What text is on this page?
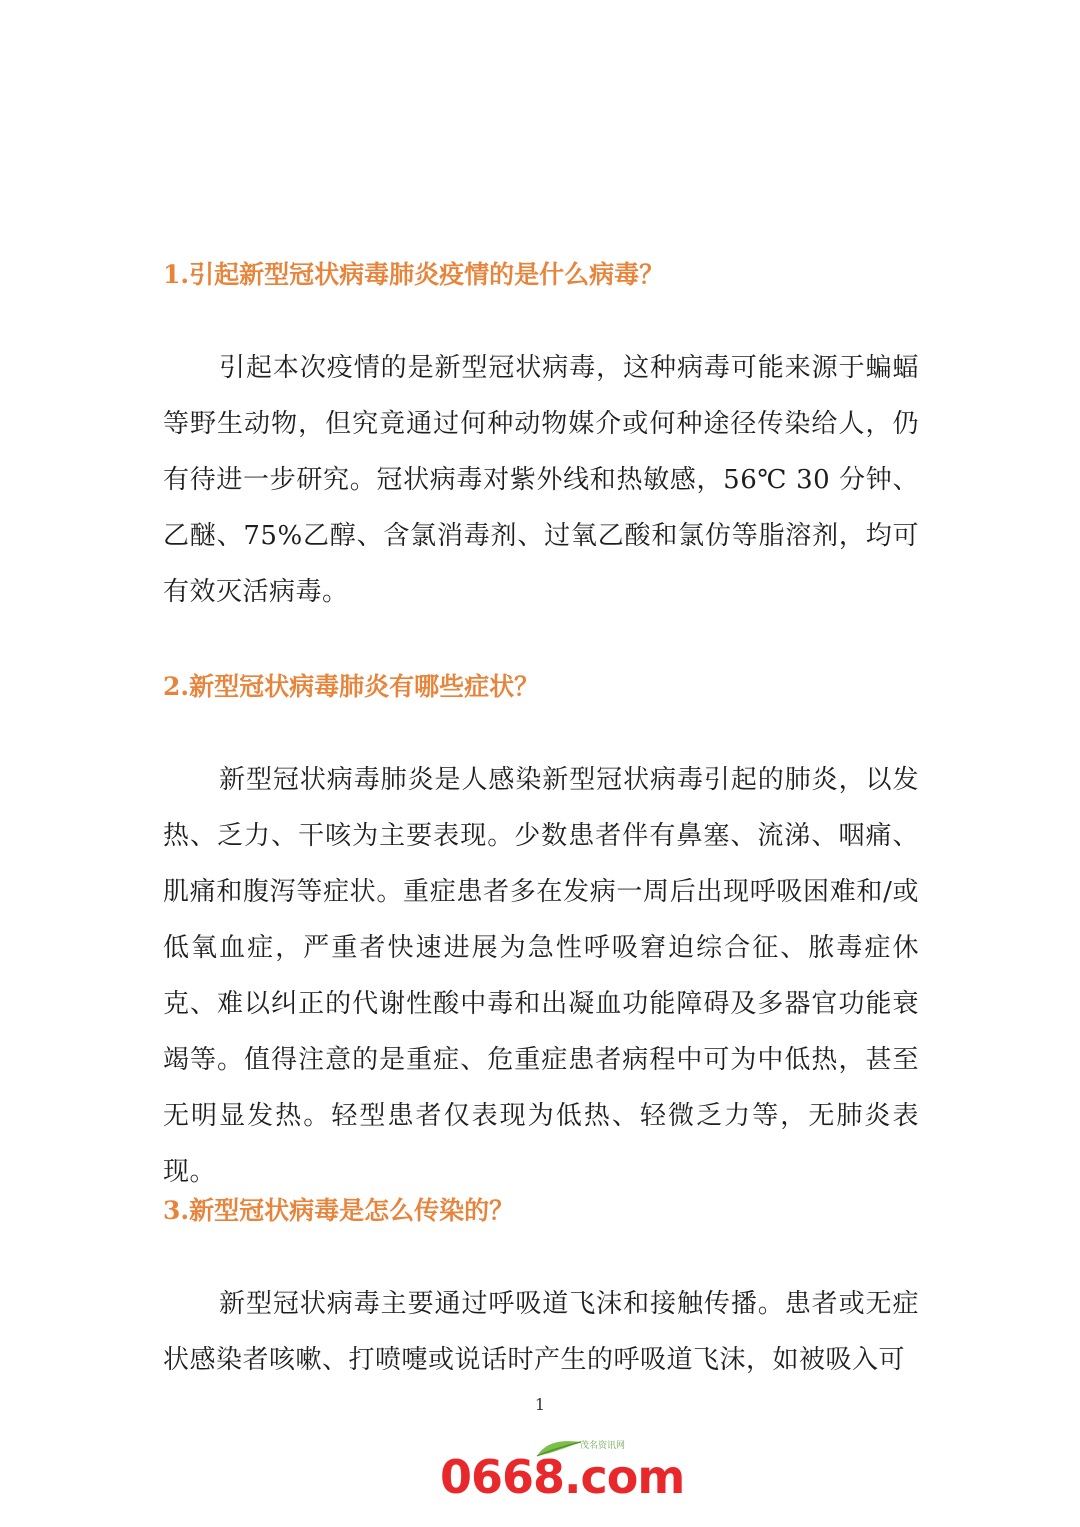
1.引起新型冠状病毒肺炎疫情的是什么病毒？
引起本次疫情的是新型冠状病毒，这种病毒可能来源于蝙蝠等野生动物，但究竟通过何种动物媒介或何种途径传染给人，仍有待进一步研究。冠状病毒对紫外线和热敏感，56℃ 30 分钟、乙醚、75%乙醇、含氯消毒剂、过氧乙酸和氯仿等脂溶剂，均可有效灭活病毒。
2.新型冠状病毒肺炎有哪些症状？
新型冠状病毒肺炎是人感染新型冠状病毒引起的肺炎，以发热、乏力、干咳为主要表现。少数患者伴有鼻塞、流涕、咽痛、肌痛和腹泻等症状。重症患者多在发病一周后出现呼吸困难和/或低氧血症，严重者快速进展为急性呼吸窘迫综合征、脓毒症休克、难以纠正的代谢性酸中毒和出凝血功能障碍及多器官功能衰竭等。值得注意的是重症、危重症患者病程中可为中低热，甚至无明显发热。轻型患者仅表现为低热、轻微乏力等，无肺炎表现。
3.新型冠状病毒是怎么传染的？
新型冠状病毒主要通过呼吸道飞沫和接触传播。患者或无症状感染者咳嗽、打喷嚏或说话时产生的呼吸道飞沫，如被吸入可
1
茂名资讯网
0668.com
